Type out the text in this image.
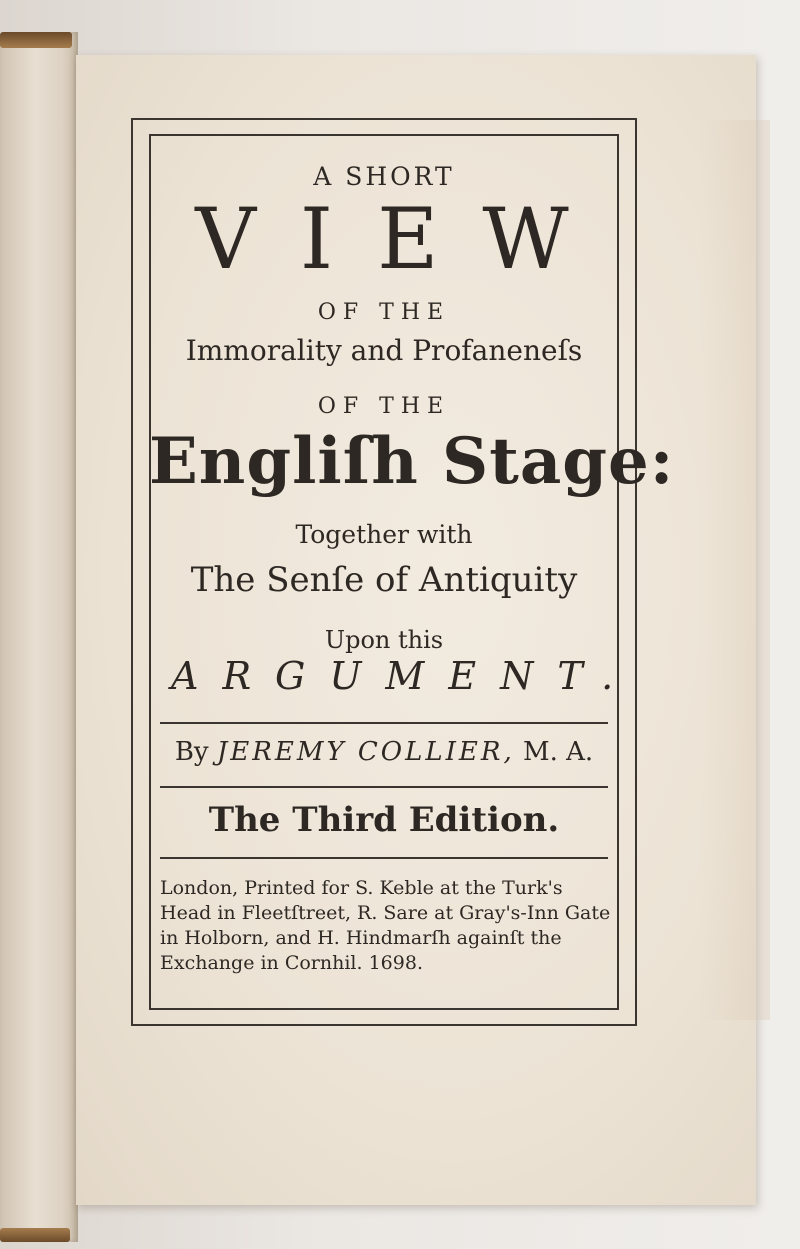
A SHORT
VIEW
OF THE
Immorality and Profaneneſs
OF THE
Engliſh Stage:
Together with
The Senſe of Antiquity
Upon this
ARGUMENT.
By JEREMY COLLIER, M. A.
The Third Edition.
London, Printed for S. Keble at the Turk's Head in Fleetſtreet, R. Sare at Gray's-Inn Gate in Holborn, and H. Hindmarſh againſt the Exchange in Cornhil. 1698.
